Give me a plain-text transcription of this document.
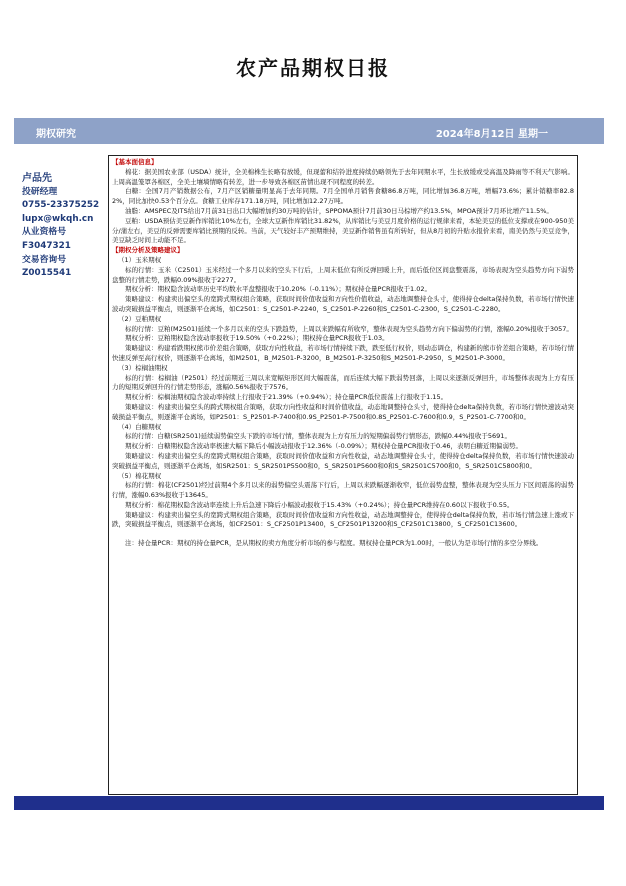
农产品期权日报
期权研究	2024年8月12日 星期一
卢品先
投研经理
0755-23375252
lupx@wkqh.cn
从业资格号
F3047321
交易咨询号
Z0015541

【基本面信息】

棉花：据美国农业部（USDA）统计，全美棉株生长略有放缓，但现蕾和结铃进度持续仍略领先于去年同期水平，生长放缓或受高温及降雨等不利天气影响。上周高温笼罩各棉区，全美土壤墒情略有转差，进一步导致各棉区苗情出现不同程度的转差。

白糖：全国7月产销数据公布，7月产区销糖量明显高于去年同期。7月全国单月销售食糖86.8万吨，同比增加36.8万吨，增幅73.6%；累计销糖率82.82%，同比加快0.53个百分点。食糖工业库存171.18万吨，同比增加12.27万吨。

油脂：AMSPEC及ITS给出7月前31日出口大幅增加约30万吨的估计，SPPOMA预计7月前30日马棕增产约13.5%，MPOA预计7月环比增产11.5%。

豆粕：USDA预估美豆新作库销比10%左右，全球大豆新作库销比31.82%，从库销比与美豆月度价格的运行规律来看，本轮美豆的低位支撑或在900-950美分/蒲左右，美豆的反弹需要库销比预期的反转。当前，天气较好丰产预期维持，美豆新作销售虽有所转好，但从8月初的升贴水报价来看，南美仍然与美豆竞争，美豆缺乏时间上动能不足。

【期权分析及策略建议】

（1）玉米期权

标的行情：玉米（C2501）玉米经过一个多月以来的空头下行后，上周末低位有所反弹回暖上升，而后低位区间盘整震荡，市场表现为空头趋势方向下弱势盘整的行情走势，跌幅0.09%报收于2277。

期权分析：期权隐含波动率历史平均数水平盘整报收于10.20%（-0.11%）；期权持仓量PCR报收于1.02。

策略建议：构建卖出偏空头的宽跨式期权组合策略，获取时间价值收益和方向性价值收益，动态地调整持仓头寸，使得持仓delta保持负数，若市场行情快速波动突破损益平衡点，则逐渐平仓离场，如C2501：S_C2501-P-2240，S_C2501-P-2260和S_C2501-C-2300，S_C2501-C-2280。

（2）豆粕期权

标的行情：豆粕(M2501)延续一个多月以来的空头下跌趋势，上周以来跌幅有所收窄，整体表现为空头趋势方向下偏弱势的行情，涨幅0.20%报收于3057。

期权分析：豆粕期权隐含波动率报收于19.50%（+0.22%）；期权持仓量PCR报收于1.03。

策略建议：构建看跌期权熊市价差组合策略，获取方向性收益，若市场行情持续下跌，跌至低行权价，则动态调仓，构建新的熊市价差组合策略，若市场行情快速反弹至高行权价，则逐渐平仓离场，如M2501，B_M2501-P-3200，B_M2501-P-3250和S_M2501-P-2950，S_M2501-P-3000。

（3）棕榈油期权

标的行情：棕榈油（P2501）经过前期近三周以来宽幅矩形区间大幅震荡，而后连续大幅下跌弱势回落，上周以来逐渐反弹回升，市场整体表现为上方有压力的短期反弹回升的行情走势形态，涨幅0.56%报收于7576。

期权分析：棕榈油期权隐含波动率持续上行报收于21.39%（+0.94%）；持仓量PCR低位震荡上行报收于1.15。

策略建议：构建卖出偏空头的跨式期权组合策略，获取方向性收益和时间价值收益，动态地调整持仓头寸，使得持仓delta保持负数，若市场行情快速波动突破损益平衡点，则逐渐平仓离场，如P2501：S_P2501-P-7400和0.9S_P2501-P-7500和0.8S_P2501-C-7600和0.9，S_P2501-C-7700和0。

（4）白糖期权

标的行情：白糖(SR2501)延续弱势偏空头下跌的市场行情，整体表现为上方有压力的短期偏弱势行情形态，跌幅0.44%报收于5691。

期权分析：白糖期权隐含波动率极速大幅下降后小幅波动报收于12.36%（-0.09%）；期权持仓量PCR报收于0.46，表明白糖近期偏弱势。

策略建议：构建卖出偏空头的宽跨式期权组合策略，获取时间价值收益和方向性收益，动态地调整持仓头寸，使得持仓delta保持负数，若市场行情快速波动突破损益平衡点，则逐渐平仓离场，如SR2501：S_SR2501P5500和0，S_SR2501P5600和0和S_SR2501C5700和0，S_SR2501C5800和0。

（5）棉花期权

标的行情：棉花(CF2501)经过前期4个多月以来的弱势偏空头震荡下行后，上周以来跌幅逐渐收窄，低位弱势盘整，整体表现为空头压力下区间震荡的弱势行情，涨幅0.63%报收于13645。

期权分析：棉花期权隐含波动率连续上升后急速下降后小幅波动报收于15.43%（+0.24%）；持仓量PCR维持在0.60以下报收于0.55。

策略建议：构建卖出偏空头的宽跨式期权组合策略，获取时间价值收益和方向性收益，动态地调整持仓，使得持仓delta保持负数，若市场行情急速上涨或下跌，突破损益平衡点，则逐渐平仓离场，如CF2501：S_CF2501P13400，S_CF2501P13200和S_CF2501C13800，S_CF2501C13600。

注：持仓量PCR：期权的持仓量PCR，是从期权的卖方角度分析市场的参与程度。期权持仓量PCR为1.00时，一般认为是市场行情的多空分界线。
